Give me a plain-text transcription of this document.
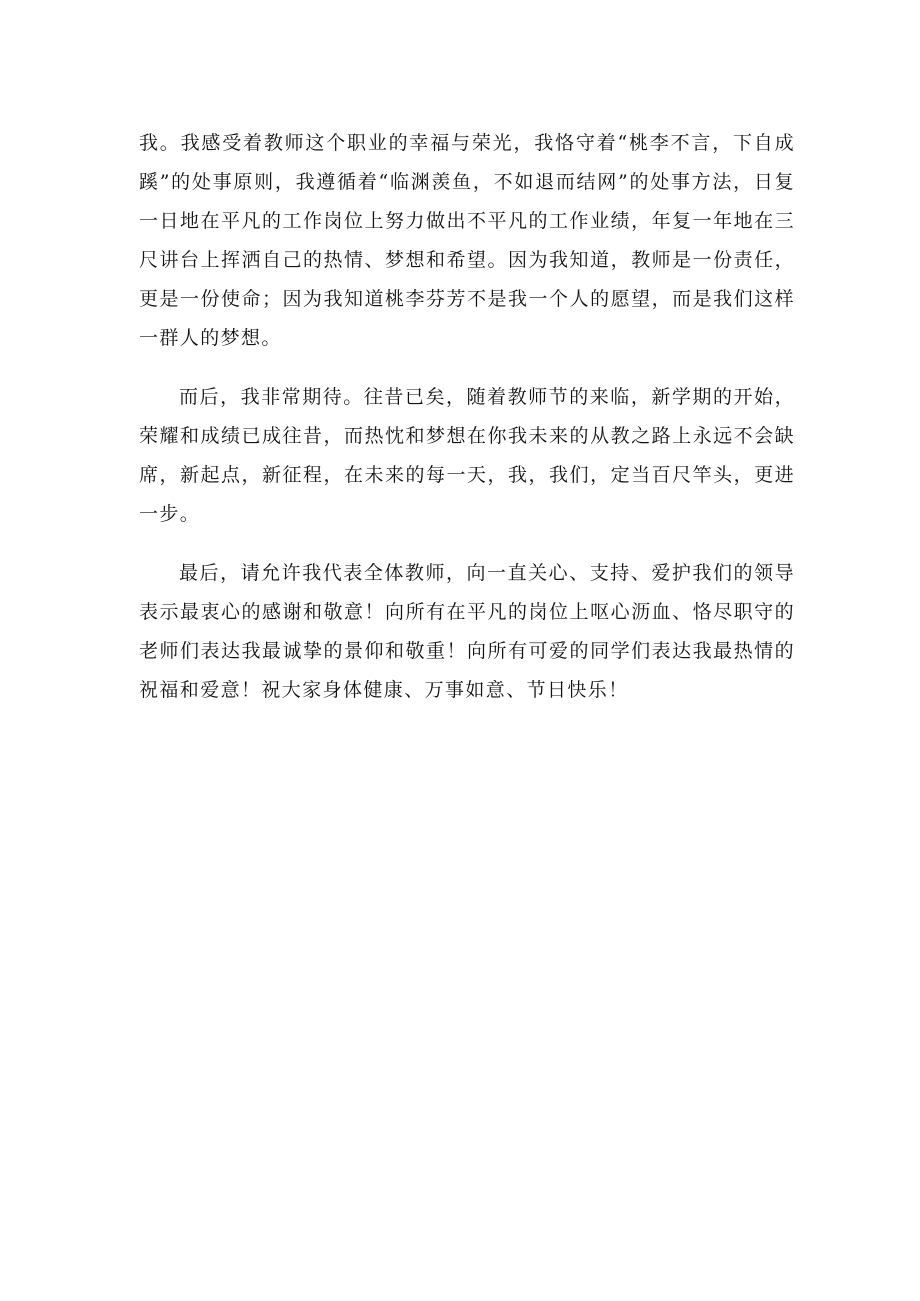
我。我感受着教师这个职业的幸福与荣光，我恪守着“桃李不言，下自成蹊”的处事原则，我遵循着“临渊羡鱼，不如退而结网”的处事方法，日复一日地在平凡的工作岗位上努力做出不平凡的工作业绩，年复一年地在三尺讲台上挥洒自己的热情、梦想和希望。因为我知道，教师是一份责任，更是一份使命；因为我知道桃李芬芳不是我一个人的愿望，而是我们这样一群人的梦想。

而后，我非常期待。往昔已矣，随着教师节的来临，新学期的开始，荣耀和成绩已成往昔，而热忱和梦想在你我未来的从教之路上永远不会缺席，新起点，新征程，在未来的每一天，我，我们，定当百尺竿头，更进一步。

最后，请允许我代表全体教师，向一直关心、支持、爱护我们的领导表示最衷心的感谢和敬意！向所有在平凡的岗位上呕心沥血、恪尽职守的老师们表达我最诚挚的景仰和敬重！向所有可爱的同学们表达我最热情的祝福和爱意！祝大家身体健康、万事如意、节日快乐！
